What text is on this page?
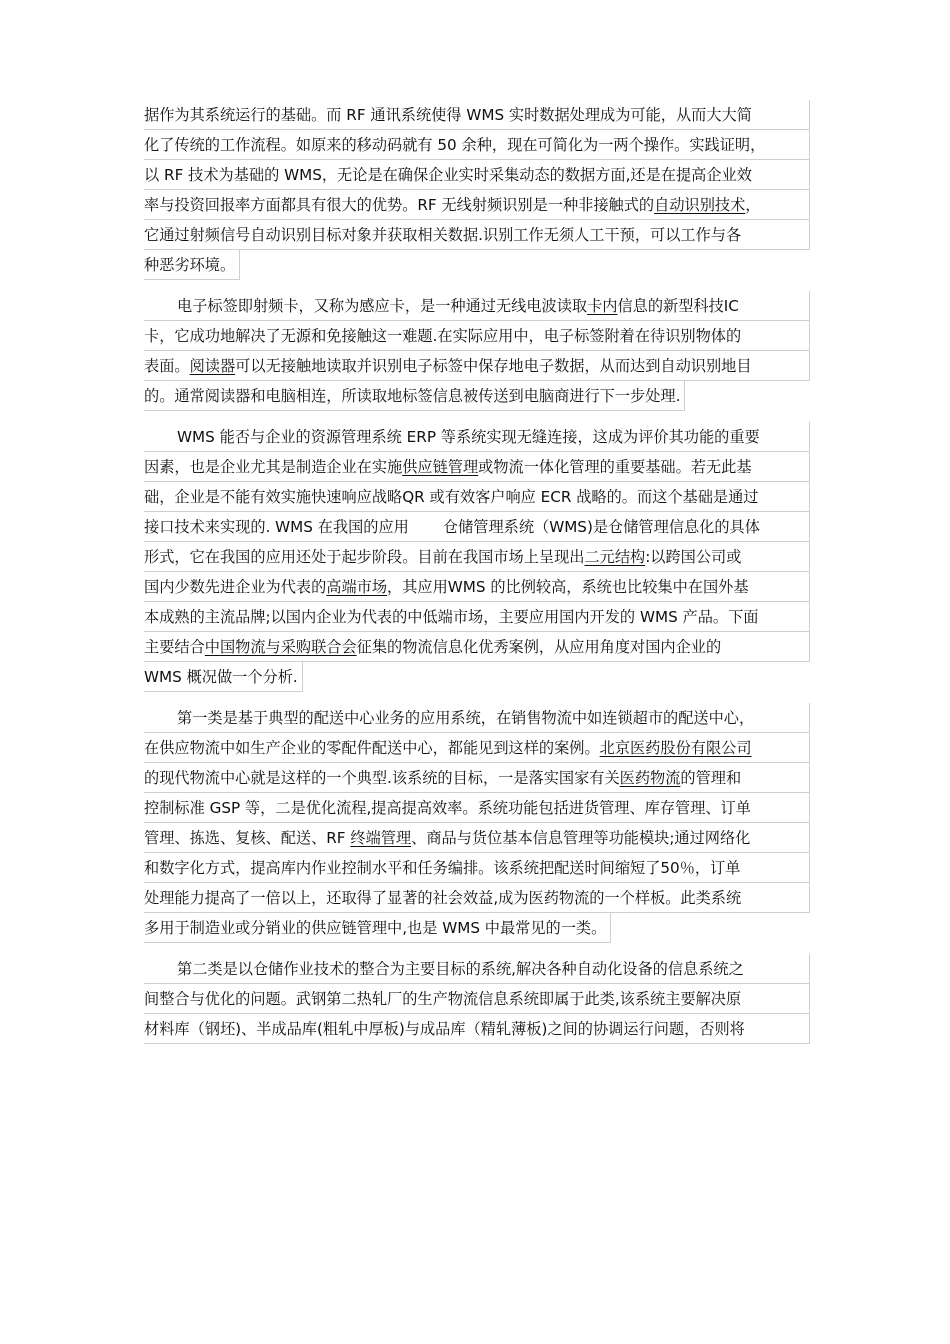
据作为其系统运行的基础。而 RF 通讯系统使得 WMS 实时数据处理成为可能，从而大大简
化了传统的工作流程。如原来的移动码就有 50 余种，现在可简化为一两个操作。实践证明，
以 RF 技术为基础的 WMS，无论是在确保企业实时采集动态的数据方面,还是在提高企业效
率与投资回报率方面都具有很大的优势。RF 无线射频识别是一种非接触式的自动识别技术，
它通过射频信号自动识别目标对象并获取相关数据.识别工作无须人工干预，可以工作与各
种恶劣环境。
电子标签即射频卡，又称为感应卡，是一种通过无线电波读取卡内信息的新型科技IC
卡，它成功地解决了无源和免接触这一难题.在实际应用中，电子标签附着在待识别物体的
表面。阅读器可以无接触地读取并识别电子标签中保存地电子数据，从而达到自动识别地目
的。通常阅读器和电脑相连，所读取地标签信息被传送到电脑商进行下一步处理.
WMS 能否与企业的资源管理系统 ERP 等系统实现无缝连接，这成为评价其功能的重要
因素，也是企业尤其是制造企业在实施供应链管理或物流一体化管理的重要基础。若无此基
础，企业是不能有效实施快速响应战略QR 或有效客户响应 ECR 战略的。而这个基础是通过
接口技术来实现的. WMS 在我国的应用 仓储管理系统（WMS)是仓储管理信息化的具体
形式，它在我国的应用还处于起步阶段。目前在我国市场上呈现出二元结构:以跨国公司或
国内少数先进企业为代表的高端市场，其应用WMS 的比例较高，系统也比较集中在国外基
本成熟的主流品牌;以国内企业为代表的中低端市场，主要应用国内开发的 WMS 产品。下面
主要结合中国物流与采购联合会征集的物流信息化优秀案例，从应用角度对国内企业的
WMS 概况做一个分析.
第一类是基于典型的配送中心业务的应用系统，在销售物流中如连锁超市的配送中心，
在供应物流中如生产企业的零配件配送中心，都能见到这样的案例。北京医药股份有限公司
的现代物流中心就是这样的一个典型.该系统的目标，一是落实国家有关医药物流的管理和
控制标准 GSP 等，二是优化流程,提高提高效率。系统功能包括进货管理、库存管理、订单
管理、拣选、复核、配送、RF 终端管理、商品与货位基本信息管理等功能模块;通过网络化
和数字化方式，提高库内作业控制水平和任务编排。该系统把配送时间缩短了50％，订单
处理能力提高了一倍以上，还取得了显著的社会效益,成为医药物流的一个样板。此类系统
多用于制造业或分销业的供应链管理中,也是 WMS 中最常见的一类。
第二类是以仓储作业技术的整合为主要目标的系统,解决各种自动化设备的信息系统之
间整合与优化的问题。武钢第二热轧厂的生产物流信息系统即属于此类,该系统主要解决原
材料库（钢坯)、半成品库(粗轧中厚板)与成品库（精轧薄板)之间的协调运行问题，否则将
